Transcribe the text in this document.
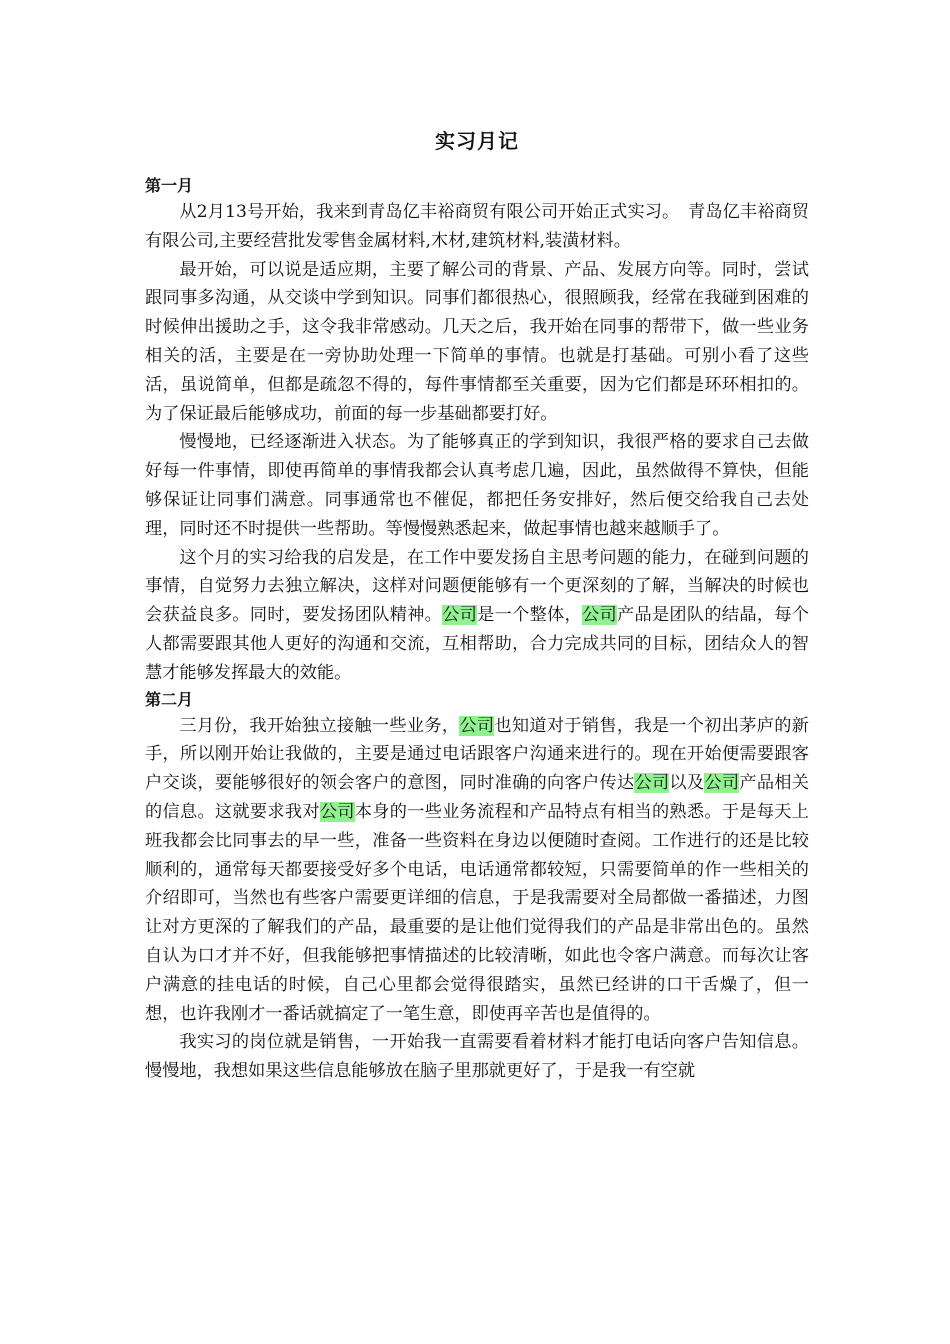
实习月记
第一月

从2月13号开始，我来到青岛亿丰裕商贸有限公司开始正式实习。　青岛亿丰裕商贸有限公司,主要经营批发零售金属材料,木材,建筑材料,装潢材料。

最开始，可以说是适应期，主要了解公司的背景、产品、发展方向等。同时，尝试跟同事多沟通，从交谈中学到知识。同事们都很热心，很照顾我，经常在我碰到困难的时候伸出援助之手，这令我非常感动。几天之后，我开始在同事的帮带下，做一些业务相关的活，主要是在一旁协助处理一下简单的事情。也就是打基础。可别小看了这些活，虽说简单，但都是疏忽不得的，每件事情都至关重要，因为它们都是环环相扣的。为了保证最后能够成功，前面的每一步基础都要打好。

慢慢地，已经逐渐进入状态。为了能够真正的学到知识，我很严格的要求自己去做好每一件事情，即使再简单的事情我都会认真考虑几遍，因此，虽然做得不算快，但能够保证让同事们满意。同事通常也不催促，都把任务安排好，然后便交给我自己去处理，同时还不时提供一些帮助。等慢慢熟悉起来，做起事情也越来越顺手了。

这个月的实习给我的启发是，在工作中要发扬自主思考问题的能力，在碰到问题的事情，自觉努力去独立解决，这样对问题便能够有一个更深刻的了解，当解决的时候也会获益良多。同时，要发扬团队精神。公司是一个整体，公司产品是团队的结晶，每个人都需要跟其他人更好的沟通和交流，互相帮助，合力完成共同的目标，团结众人的智慧才能够发挥最大的效能。

第二月

三月份，我开始独立接触一些业务，公司也知道对于销售，我是一个初出茅庐的新手，所以刚开始让我做的，主要是通过电话跟客户沟通来进行的。现在开始便需要跟客户交谈，要能够很好的领会客户的意图，同时准确的向客户传达公司以及公司产品相关的信息。这就要求我对公司本身的一些业务流程和产品特点有相当的熟悉。于是每天上班我都会比同事去的早一些，准备一些资料在身边以便随时查阅。工作进行的还是比较顺利的，通常每天都要接受好多个电话，电话通常都较短，只需要简单的作一些相关的介绍即可，当然也有些客户需要更详细的信息，于是我需要对全局都做一番描述，力图让对方更深的了解我们的产品，最重要的是让他们觉得我们的产品是非常出色的。虽然自认为口才并不好，但我能够把事情描述的比较清晰，如此也令客户满意。而每次让客户满意的挂电话的时候，自己心里都会觉得很踏实，虽然已经讲的口干舌燥了，但一想，也许我刚才一番话就搞定了一笔生意，即使再辛苦也是值得的。

我实习的岗位就是销售，一开始我一直需要看着材料才能打电话向客户告知信息。慢慢地，我想如果这些信息能够放在脑子里那就更好了，于是我一有空就
